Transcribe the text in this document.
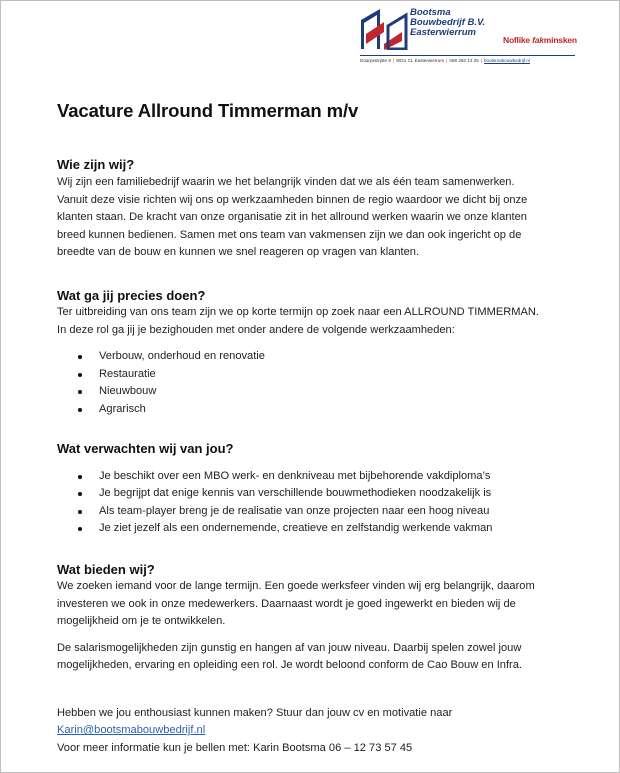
Bootsma
Bouwbedrijf B.V.
Easterwierrum
Noflike fakminsken
Doarpsstrjitte 8 | 9021 CL Easterwierrum | 058 250 13 25 | bootsmabouwbedrijf.nl
Vacature Allround Timmerman m/v
Wie zijn wij?

Wij zijn een familiebedrijf waarin we het belangrijk vinden dat we als één team samenwerken.

Vanuit deze visie richten wij ons op werkzaamheden binnen de regio waardoor we dicht bij onze

klanten staan. De kracht van onze organisatie zit in het allround werken waarin we onze klanten

breed kunnen bedienen. Samen met ons team van vakmensen zijn we dan ook ingericht op de

breedte van de bouw en kunnen we snel reageren op vragen van klanten.

Wat ga jij precies doen?

Ter uitbreiding van ons team zijn we op korte termijn op zoek naar een ALLROUND TIMMERMAN.

In deze rol ga jij je bezighouden met onder andere de volgende werkzaamheden:

Verbouw, onderhoud en renovatie
Restauratie
Nieuwbouw
Agrarisch
Wat verwachten wij van jou?
Je beschikt over een MBO werk- en denkniveau met bijbehorende vakdiploma’s
Je begrijpt dat enige kennis van verschillende bouwmethodieken noodzakelijk is
Als team-player breng je de realisatie van onze projecten naar een hoog niveau
Je ziet jezelf als een ondernemende, creatieve en zelfstandig werkende vakman
Wat bieden wij?

We zoeken iemand voor de lange termijn. Een goede werksfeer vinden wij erg belangrijk, daarom

investeren we ook in onze medewerkers. Daarnaast wordt je goed ingewerkt en bieden wij de

mogelijkheid om je te ontwikkelen.

De salarismogelijkheden zijn gunstig en hangen af van jouw niveau. Daarbij spelen zowel jouw

mogelijkheden, ervaring en opleiding een rol. Je wordt beloond conform de Cao Bouw en Infra.

Hebben we jou enthousiast kunnen maken? Stuur dan jouw cv en motivatie naar

Karin@bootsmabouwbedrijf.nl

Voor meer informatie kun je bellen met: Karin Bootsma 06 – 12 73 57 45
